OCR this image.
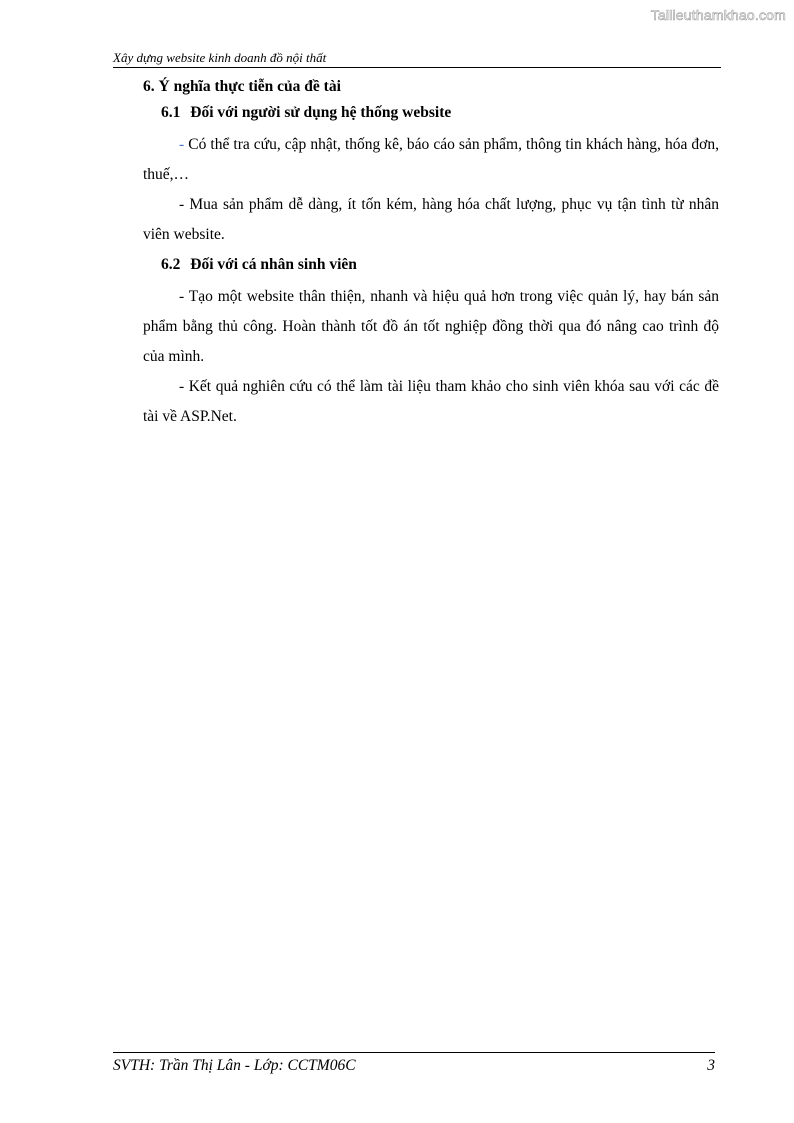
Tailieuthamkhao.com
Xây dựng website kinh doanh đồ nội thất
6. Ý nghĩa thực tiễn của đề tài
6.1 Đối với người sử dụng hệ thống website

- Có thể tra cứu, cập nhật, thống kê, báo cáo sản phẩm, thông tin khách hàng, hóa đơn, thuế,…

- Mua sản phẩm dễ dàng, ít tốn kém, hàng hóa chất lượng, phục vụ tận tình từ nhân viên website.

6.2 Đối với cá nhân sinh viên

- Tạo một website thân thiện, nhanh và hiệu quả hơn trong việc quản lý, hay bán sản phẩm bằng thủ công. Hoàn thành tốt đồ án tốt nghiệp đồng thời qua đó nâng cao trình độ của mình.

- Kết quả nghiên cứu có thể làm tài liệu tham khảo cho sinh viên khóa sau với các đề tài về ASP.Net.

SVTH: Trần Thị Lân - Lớp: CCTM06C	3
